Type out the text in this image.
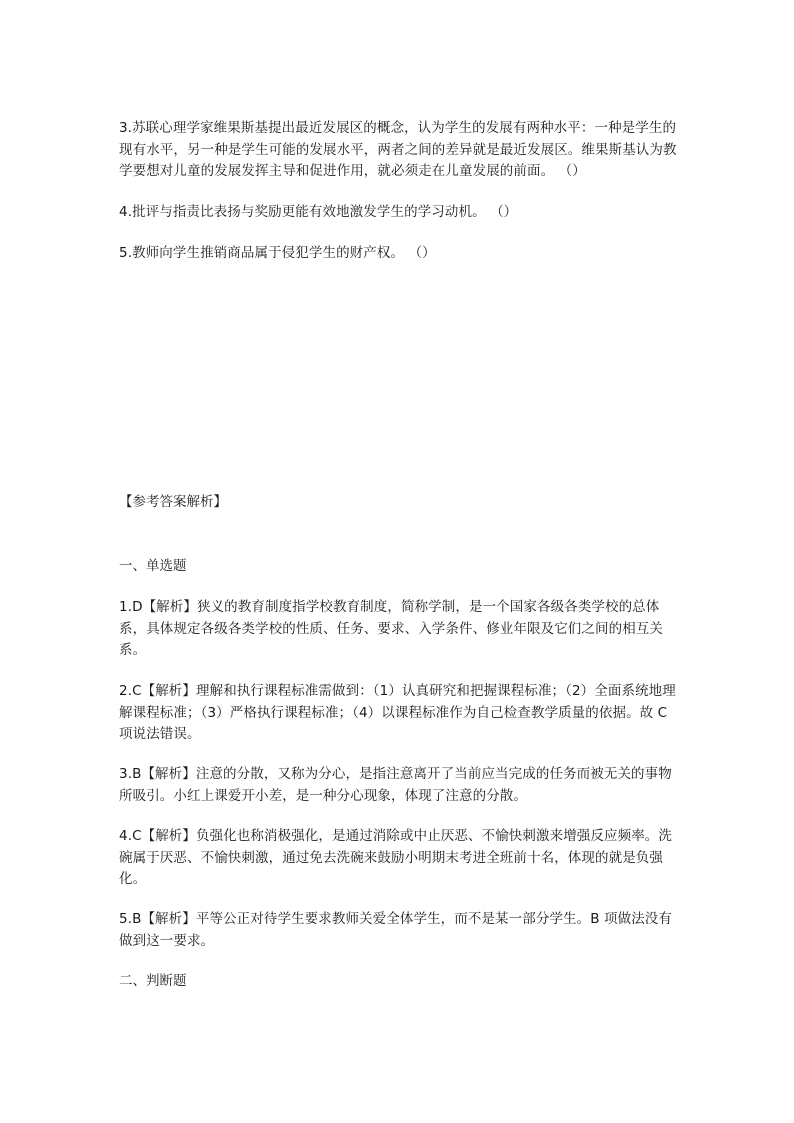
3.苏联心理学家维果斯基提出最近发展区的概念，认为学生的发展有两种水平：一种是学生的现有水平，另一种是学生可能的发展水平，两者之间的差异就是最近发展区。维果斯基认为教学要想对儿童的发展发挥主导和促进作用，就必须走在儿童发展的前面。 （）

4.批评与指责比表扬与奖励更能有效地激发学生的学习动机。 （）

5.教师向学生推销商品属于侵犯学生的财产权。 （）

【参考答案解析】

一、单选题

1.D【解析】狭义的教育制度指学校教育制度，简称学制，是一个国家各级各类学校的总体系，具体规定各级各类学校的性质、任务、要求、入学条件、修业年限及它们之间的相互关系。

2.C【解析】理解和执行课程标准需做到：（1）认真研究和把握课程标准；（2）全面系统地理解课程标准；（3）严格执行课程标准；（4）以课程标准作为自己检查教学质量的依据。故 C 项说法错误。

3.B【解析】注意的分散，又称为分心，是指注意离开了当前应当完成的任务而被无关的事物所吸引。小红上课爱开小差，是一种分心现象，体现了注意的分散。

4.C【解析】负强化也称消极强化，是通过消除或中止厌恶、不愉快刺激来增强反应频率。洗碗属于厌恶、不愉快刺激，通过免去洗碗来鼓励小明期末考进全班前十名，体现的就是负强化。

5.B【解析】平等公正对待学生要求教师关爱全体学生，而不是某一部分学生。B 项做法没有做到这一要求。

二、判断题
